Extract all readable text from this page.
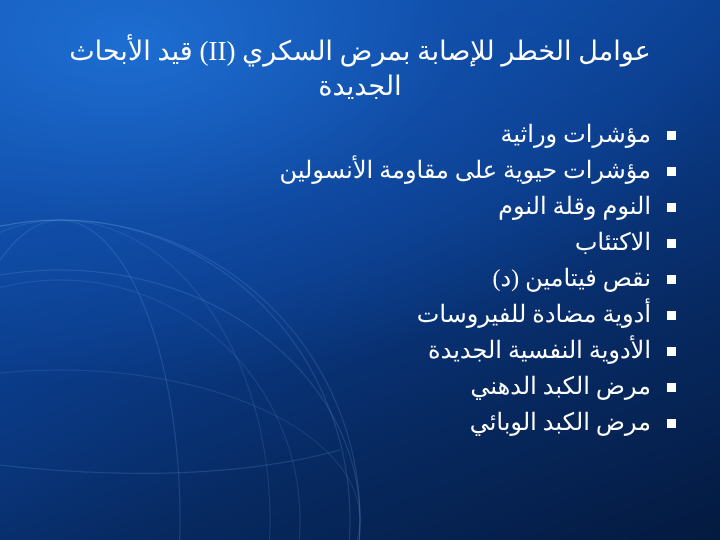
عوامل الخطر للإصابة بمرض السكري (II) قيد الأبحاث الجديدة
مؤشرات وراثية
مؤشرات حيوية على مقاومة الأنسولين
النوم وقلة النوم
الاكتئاب
نقص فيتامين (د)
أدوية مضادة للفيروسات
الأدوية النفسية الجديدة
مرض الكبد الدهني
مرض الكبد الوبائي
